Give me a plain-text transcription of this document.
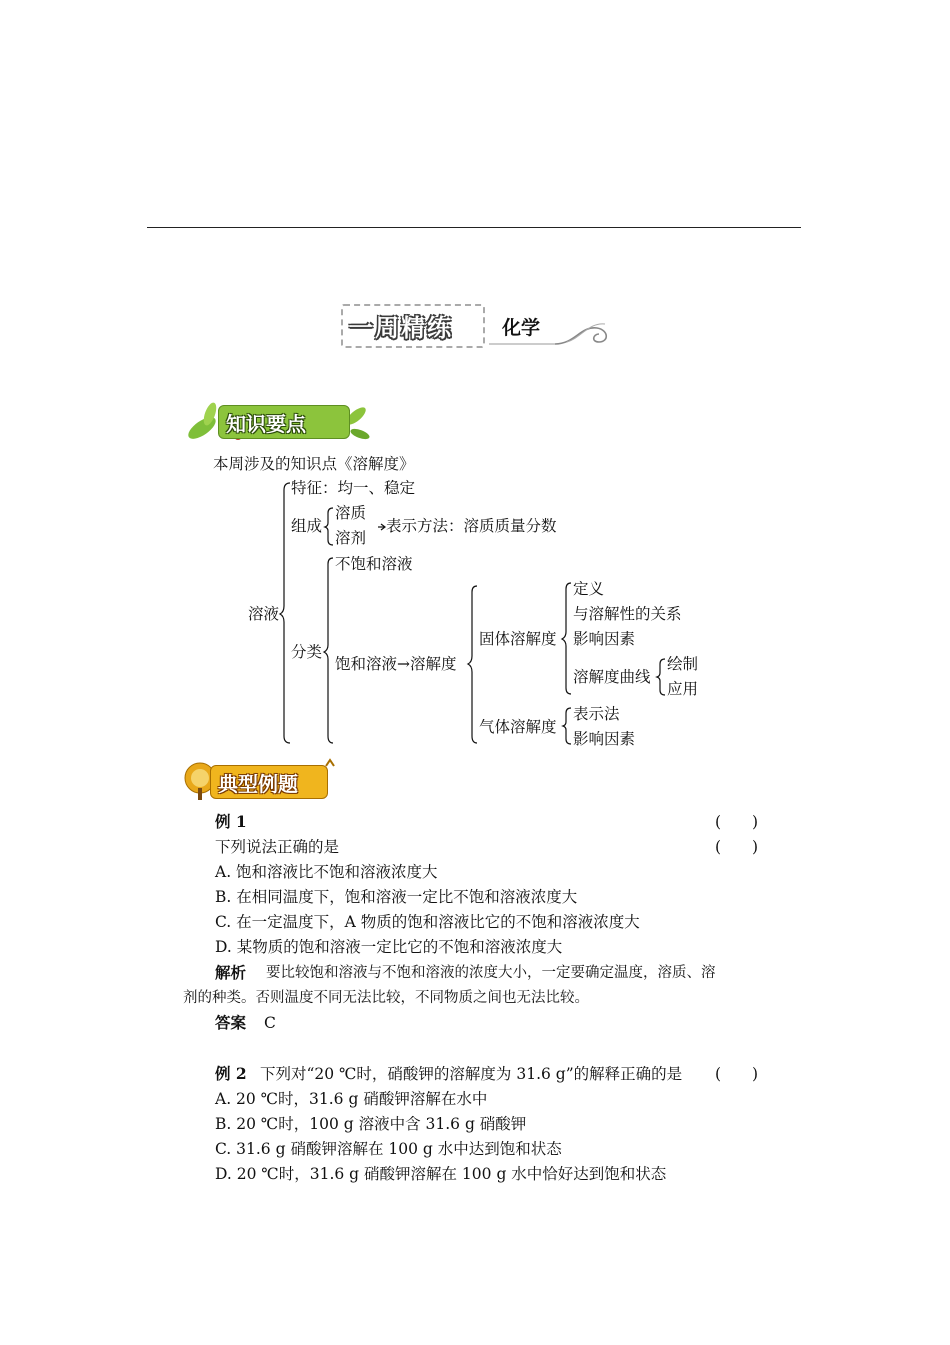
一周精练	化学
知识要点
本周涉及的知识点《溶解度》
溶液
特征：均一、稳定
组成
溶质
溶剂
表示方法：溶质质量分数
分类
不饱和溶液
饱和溶液→溶解度
固体溶解度
定义
与溶解性的关系
影响因素
溶解度曲线
绘制
应用
气体溶解度
表示法
影响因素
典型例题
例 1	(　　)
下列说法正确的是	(　　)
A. 饱和溶液比不饱和溶液浓度大
B. 在相同温度下，饱和溶液一定比不饱和溶液浓度大
C. 在一定温度下，A 物质的饱和溶液比它的不饱和溶液浓度大
D. 某物质的饱和溶液一定比它的不饱和溶液浓度大
解析 要比较饱和溶液与不饱和溶液的浓度大小，一定要确定温度，溶质、溶
剂的种类。否则温度不同无法比较，不同物质之间也无法比较。
答案 C
例 2 下列对“20 ℃时，硝酸钾的溶解度为 31.6 g”的解释正确的是 (　　)
A. 20 ℃时，31.6 g 硝酸钾溶解在水中
B. 20 ℃时，100 g 溶液中含 31.6 g 硝酸钾
C. 31.6 g 硝酸钾溶解在 100 g 水中达到饱和状态
D. 20 ℃时，31.6 g 硝酸钾溶解在 100 g 水中恰好达到饱和状态
